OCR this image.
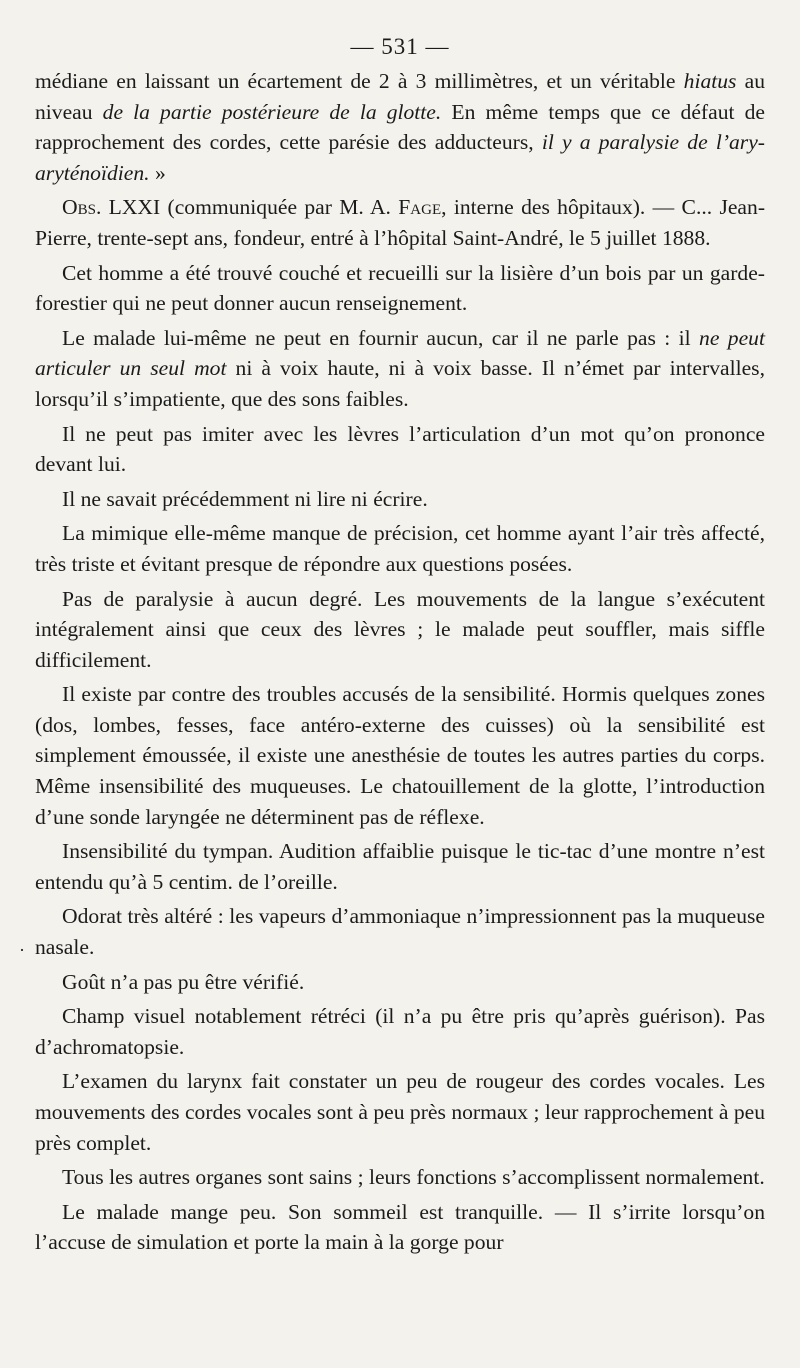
— 531 —

médiane en laissant un écartement de 2 à 3 millimètres, et un véritable hiatus au niveau de la partie postérieure de la glotte. En même temps que ce défaut de rapprochement des cordes, cette parésie des adducteurs, il y a paralysie de l’ary-aryténoïdien. »

Obs. LXXI (communiquée par M. A. Fage, interne des hôpitaux). — C... Jean-Pierre, trente-sept ans, fondeur, entré à l’hôpital Saint-André, le 5 juillet 1888.

Cet homme a été trouvé couché et recueilli sur la lisière d’un bois par un garde-forestier qui ne peut donner aucun renseignement.

Le malade lui-même ne peut en fournir aucun, car il ne parle pas : il ne peut articuler un seul mot ni à voix haute, ni à voix basse. Il n’émet par intervalles, lorsqu’il s’impatiente, que des sons faibles.

Il ne peut pas imiter avec les lèvres l’articulation d’un mot qu’on prononce devant lui.

Il ne savait précédemment ni lire ni écrire.

La mimique elle-même manque de précision, cet homme ayant l’air très affecté, très triste et évitant presque de répondre aux questions posées.

Pas de paralysie à aucun degré. Les mouvements de la langue s’exécutent intégralement ainsi que ceux des lèvres ; le malade peut souffler, mais siffle difficilement.

Il existe par contre des troubles accusés de la sensibilité. Hormis quelques zones (dos, lombes, fesses, face antéro-externe des cuisses) où la sensibilité est simplement émoussée, il existe une anesthésie de toutes les autres parties du corps. Même insensibilité des muqueuses. Le chatouillement de la glotte, l’introduction d’une sonde laryngée ne déterminent pas de réflexe.

Insensibilité du tympan. Audition affaiblie puisque le tic-tac d’une montre n’est entendu qu’à 5 centim. de l’oreille.

Odorat très altéré : les vapeurs d’ammoniaque n’impressionnent pas la muqueuse nasale.

Goût n’a pas pu être vérifié.

Champ visuel notablement rétréci (il n’a pu être pris qu’après guérison). Pas d’achromatopsie.

L’examen du larynx fait constater un peu de rougeur des cordes vocales. Les mouvements des cordes vocales sont à peu près normaux ; leur rapprochement à peu près complet.

Tous les autres organes sont sains ; leurs fonctions s’accomplissent normalement.

Le malade mange peu. Son sommeil est tranquille. — Il s’irrite lorsqu’on l’accuse de simulation et porte la main à la gorge pour

·
